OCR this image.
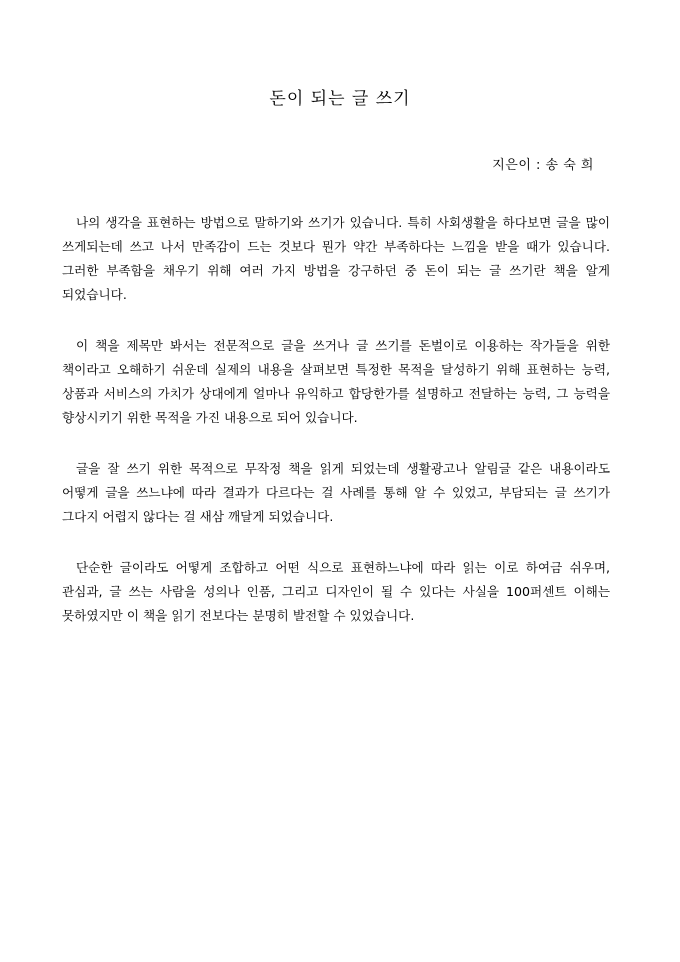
돈이 되는 글 쓰기

지은이 : 송 숙 희

나의 생각을 표현하는 방법으로 말하기와 쓰기가 있습니다. 특히 사회생활을 하다보면 글을 많이 쓰게되는데 쓰고 나서 만족감이 드는 것보다 뭔가 약간 부족하다는 느낌을 받을 때가 있습니다. 그러한 부족함을 채우기 위해 여러 가지 방법을 강구하던 중 돈이 되는 글 쓰기란 책을 알게 되었습니다.

이 책을 제목만 봐서는 전문적으로 글을 쓰거나 글 쓰기를 돈벌이로 이용하는 작가들을 위한 책이라고 오해하기 쉬운데 실제의 내용을 살펴보면 특정한 목적을 달성하기 위해 표현하는 능력, 상품과 서비스의 가치가 상대에게 얼마나 유익하고 합당한가를 설명하고 전달하는 능력, 그 능력을 향상시키기 위한 목적을 가진 내용으로 되어 있습니다.

글을 잘 쓰기 위한 목적으로 무작정 책을 읽게 되었는데 생활광고나 알림글 같은 내용이라도 어떻게 글을 쓰느냐에 따라 결과가 다르다는 걸 사례를 통해 알 수 있었고, 부담되는 글 쓰기가 그다지 어렵지 않다는 걸 새삼 깨달게 되었습니다.

단순한 글이라도 어떻게 조합하고 어떤 식으로 표현하느냐에 따라 읽는 이로 하여금 쉬우며, 관심과, 글 쓰는 사람을 성의나 인품, 그리고 디자인이 될 수 있다는 사실을 100퍼센트 이해는 못하였지만 이 책을 읽기 전보다는 분명히 발전할 수 있었습니다.
